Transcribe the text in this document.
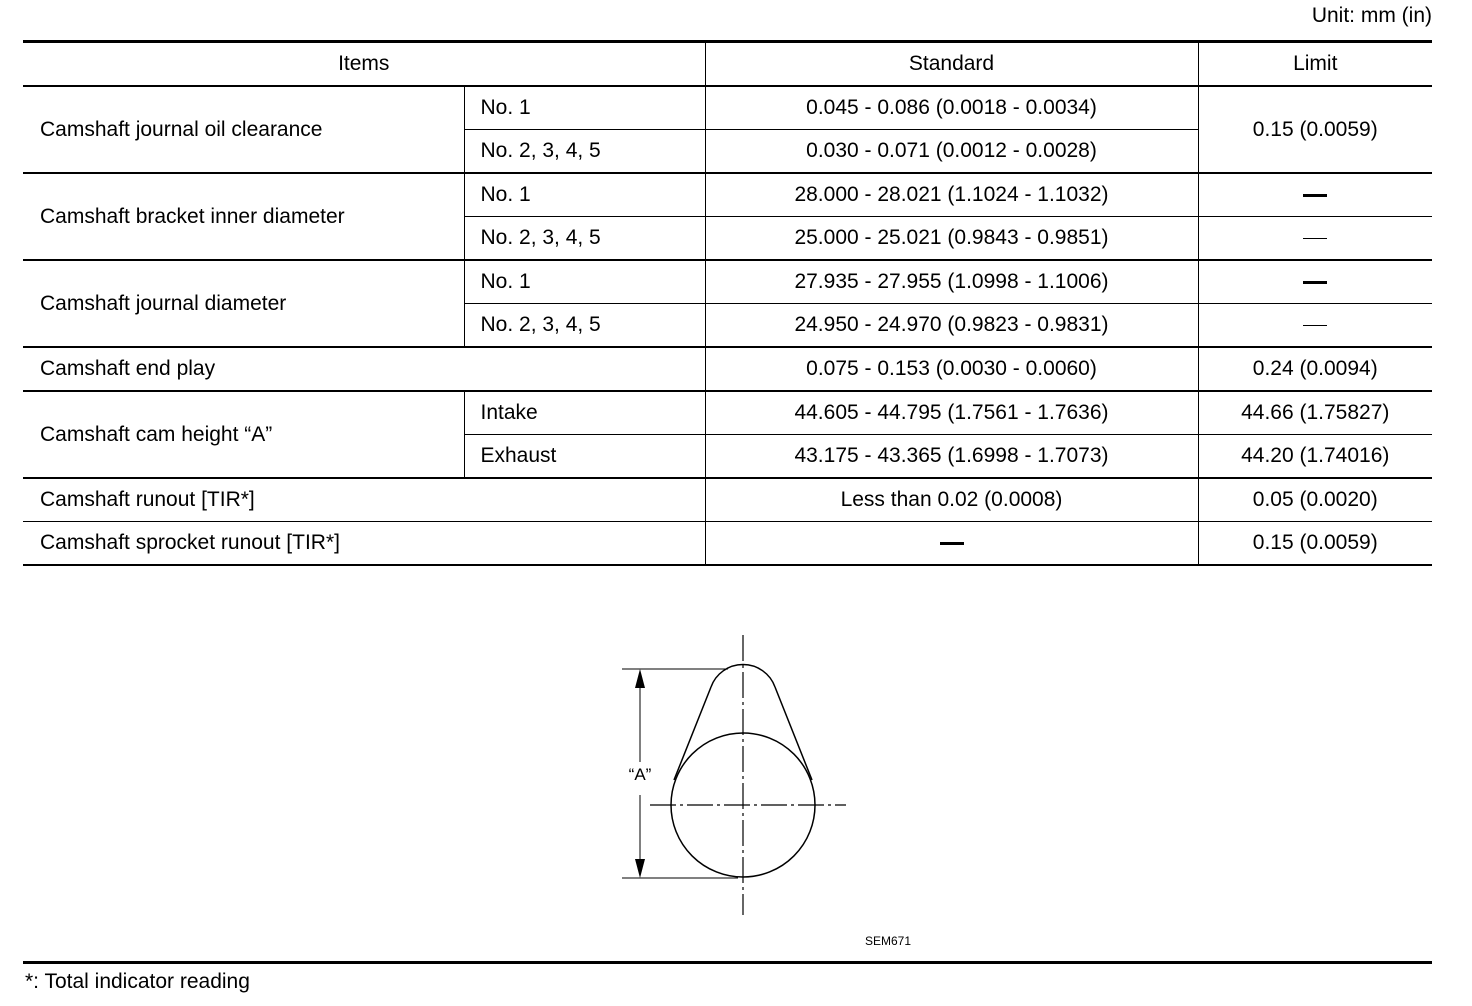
Unit: mm (in)
Items		Standard	Limit
Camshaft journal oil clearance	No. 1	0.045 - 0.086 (0.0018 - 0.0034)	0.15 (0.0059)
	No. 2, 3, 4, 5	0.030 - 0.071 (0.0012 - 0.0028)	
Camshaft bracket inner diameter	No. 1	28.000 - 28.021 (1.1024 - 1.1032)	
	No. 2, 3, 4, 5	25.000 - 25.021 (0.9843 - 0.9851)	
Camshaft journal diameter	No. 1	27.935 - 27.955 (1.0998 - 1.1006)	
	No. 2, 3, 4, 5	24.950 - 24.970 (0.9823 - 0.9831)	
Camshaft end play		0.075 - 0.153 (0.0030 - 0.0060)	0.24 (0.0094)
Camshaft cam height “A”	Intake	44.605 - 44.795 (1.7561 - 1.7636)	44.66 (1.75827)
	Exhaust	43.175 - 43.365 (1.6998 - 1.7073)	44.20 (1.74016)
Camshaft runout [TIR*]		Less than 0.02 (0.0008)	0.05 (0.0020)
Camshaft sprocket runout [TIR*]			0.15 (0.0059)
“A”
SEM671
*: Total indicator reading
